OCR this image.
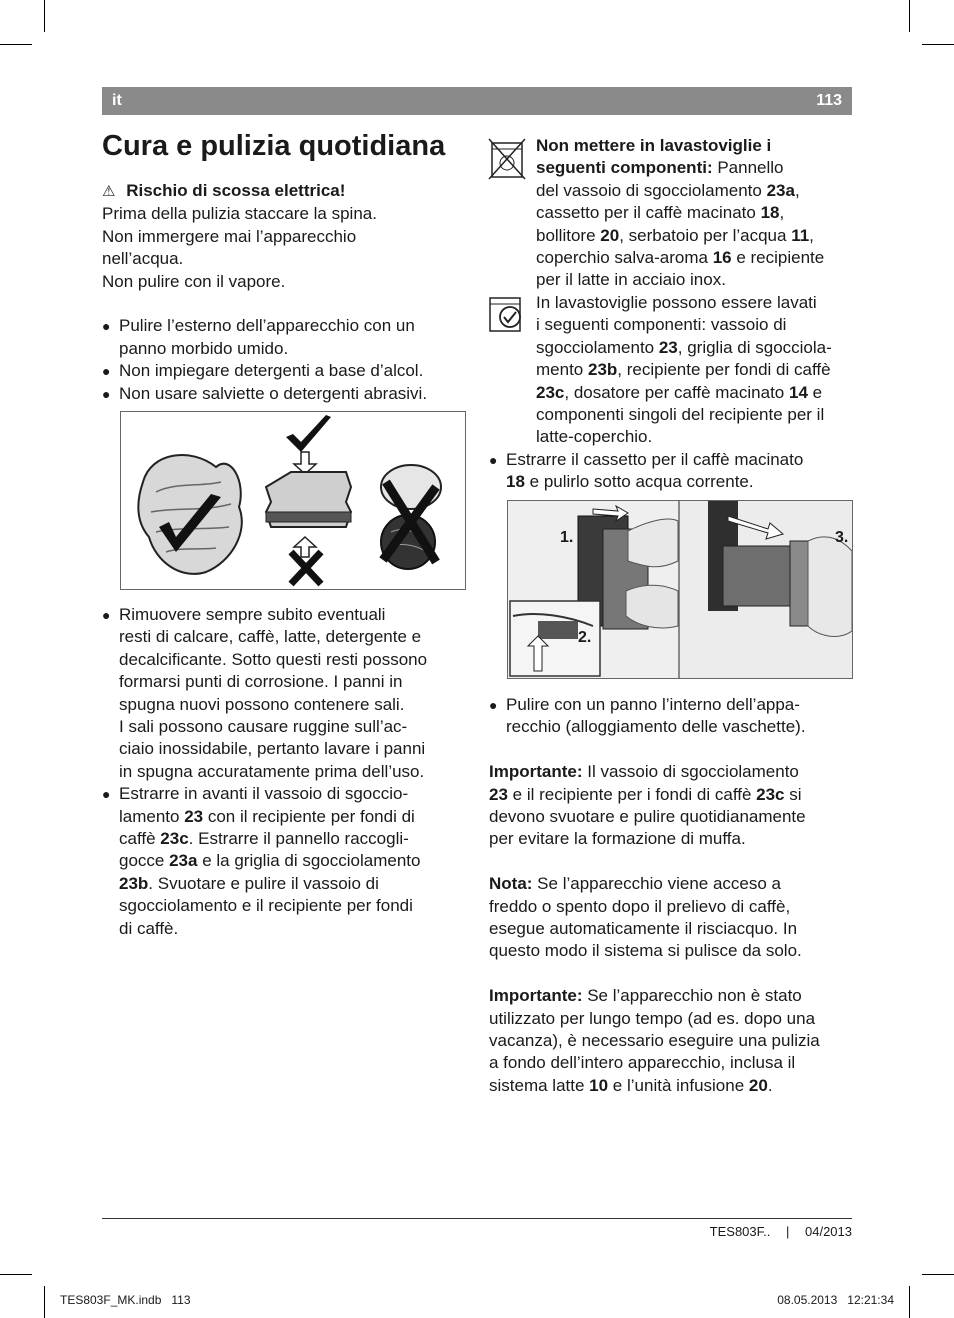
it	113
Cura e pulizia quotidiana

⚠ Rischio di scossa elettrica!

Prima della pulizia staccare la spina.

Non immergere mai l’apparecchio

nell’acqua.

Non pulire con il vapore.

● Pulire l’esterno dell’apparecchio con un

panno morbido umido.

● Non impiegare detergenti a base d’alcol.

● Non usare salviette o detergenti abrasivi.

● Rimuovere sempre subito eventuali

resti di calcare, caffè, latte, detergente e

decalcificante. Sotto questi resti possono

formarsi punti di corrosione. I panni in

spugna nuovi possono contenere sali.

I sali possono causare ruggine sull’ac-

ciaio inossidabile, pertanto lavare i panni

in spugna accuratamente prima dell’uso.

● Estrarre in avanti il vassoio di sgoccio-

lamento 23 con il recipiente per fondi di

caffè 23c. Estrarre il pannello raccogli-

gocce 23a e la griglia di sgocciolamento

23b. Svuotare e pulire il vassoio di

sgocciolamento e il recipiente per fondi

di caffè.

Non mettere in lavastoviglie i

seguenti componenti: Pannello

del vassoio di sgocciolamento 23a,

cassetto per il caffè macinato 18,

bollitore 20, serbatoio per l’acqua 11,

coperchio salva-aroma 16 e recipiente

per il latte in acciaio inox.

In lavastoviglie possono essere lavati

i seguenti componenti: vassoio di

sgocciolamento 23, griglia di sgocciola-

mento 23b, recipiente per fondi di caffè

23c, dosatore per caffè macinato 14 e

componenti singoli del recipiente per il

latte-coperchio.

● Estrarre il cassetto per il caffè macinato

18 e pulirlo sotto acqua corrente.

1.
2.
3.

● Pulire con un panno l’interno dell’appa-

recchio (alloggiamento delle vaschette).

Importante: Il vassoio di sgocciolamento

23 e il recipiente per i fondi di caffè 23c si

devono svuotare e pulire quotidianamente

per evitare la formazione di muffa.

Nota: Se l’apparecchio viene acceso a

freddo o spento dopo il prelievo di caffè,

esegue automaticamente il risciacquo. In

questo modo il sistema si pulisce da solo.

Importante: Se l’apparecchio non è stato

utilizzato per lungo tempo (ad es. dopo una

vacanza), è necessario eseguire una pulizia

a fondo dell’intero apparecchio, inclusa il

sistema latte 10 e l’unità infusione 20.

TES803F.. | 04/2013
TES803F_MK.indb   113	08.05.2013   12:21:34
